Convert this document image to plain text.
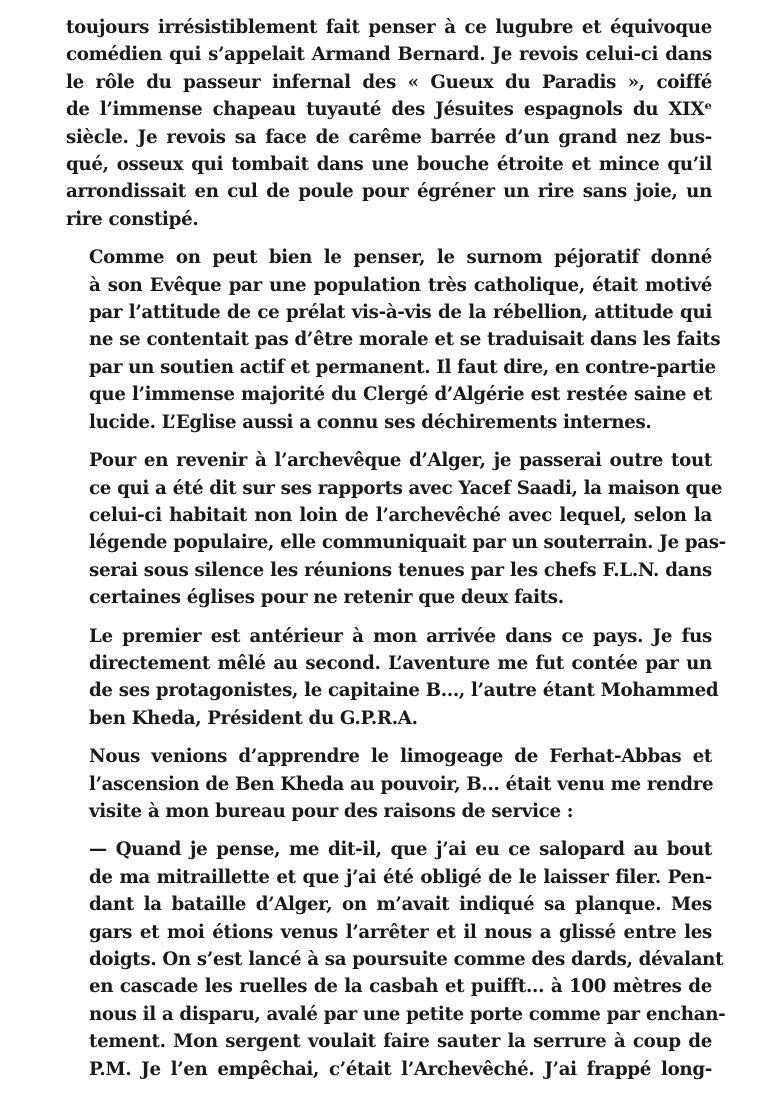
toujours irrésistiblement fait penser à ce lugubre et équivoque
comédien qui s’appelait Armand Bernard. Je revois celui-ci dans
le rôle du passeur infernal des « Gueux du Paradis », coiffé
de l’immense chapeau tuyauté des Jésuites espagnols du XIXᵉ
siècle. Je revois sa face de carême barrée d’un grand nez bus-
qué, osseux qui tombait dans une bouche étroite et mince qu’il
arrondissait en cul de poule pour égréner un rire sans joie, un
rire constipé.
Comme on peut bien le penser, le surnom péjoratif donné
à son Evêque par une population très catholique, était motivé
par l’attitude de ce prélat vis-à-vis de la rébellion, attitude qui
ne se contentait pas d’être morale et se traduisait dans les faits
par un soutien actif et permanent. Il faut dire, en contre-partie
que l’immense majorité du Clergé d’Algérie est restée saine et
lucide. L’Eglise aussi a connu ses déchirements internes.
Pour en revenir à l’archevêque d’Alger, je passerai outre tout
ce qui a été dit sur ses rapports avec Yacef Saadi, la maison que
celui-ci habitait non loin de l’archevêché avec lequel, selon la
légende populaire, elle communiquait par un souterrain. Je pas-
serai sous silence les réunions tenues par les chefs F.L.N. dans
certaines églises pour ne retenir que deux faits.
Le premier est antérieur à mon arrivée dans ce pays. Je fus
directement mêlé au second. L’aventure me fut contée par un
de ses protagonistes, le capitaine B..., l’autre étant Mohammed
ben Kheda, Président du G.P.R.A.
Nous venions d’apprendre le limogeage de Ferhat-Abbas et
l’ascension de Ben Kheda au pouvoir, B... était venu me rendre
visite à mon bureau pour des raisons de service :
— Quand je pense, me dit-il, que j’ai eu ce salopard au bout
de ma mitraillette et que j’ai été obligé de le laisser filer. Pen-
dant la bataille d’Alger, on m’avait indiqué sa planque. Mes
gars et moi étions venus l’arrêter et il nous a glissé entre les
doigts. On s’est lancé à sa poursuite comme des dards, dévalant
en cascade les ruelles de la casbah et puifft... à 100 mètres de
nous il a disparu, avalé par une petite porte comme par enchan-
tement. Mon sergent voulait faire sauter la serrure à coup de
P.M. Je l’en empêchai, c’était l’Archevêché. J’ai frappé long-
